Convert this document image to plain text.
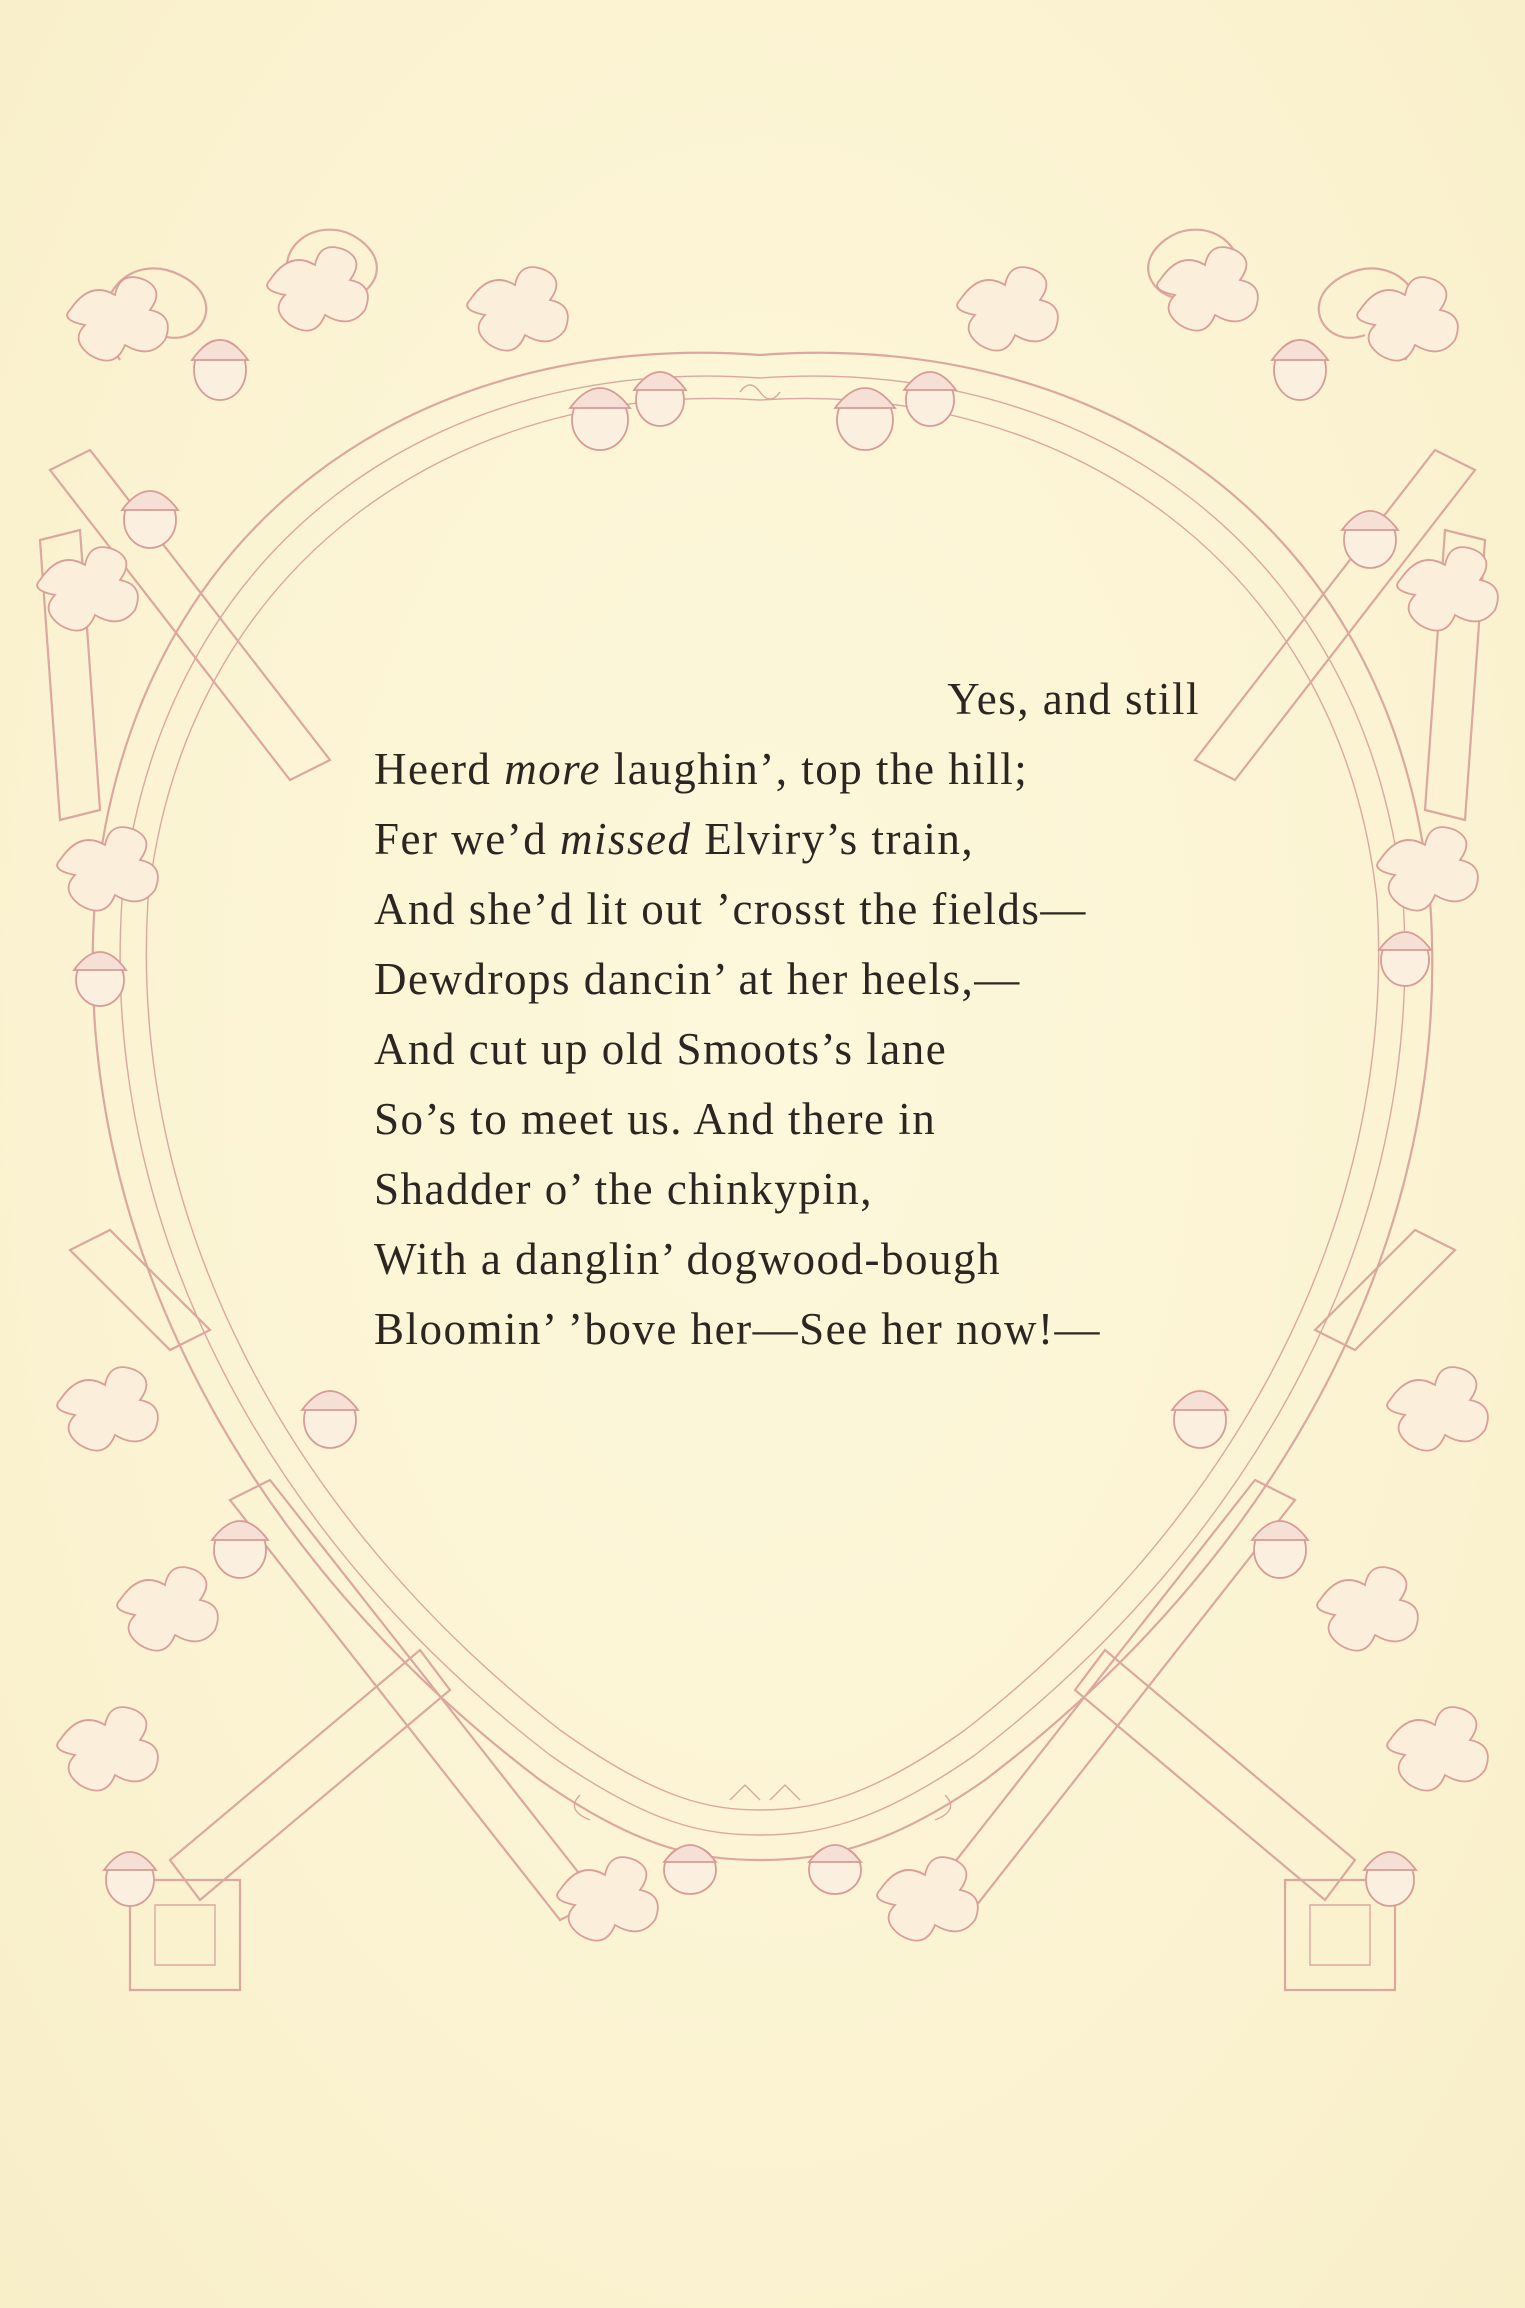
Yes, and still
Heerd more laughin’, top the hill;
Fer we’d missed Elviry’s train,
And she’d lit out ’crosst the fields—
Dewdrops dancin’ at her heels,—
And cut up old Smoots’s lane
So’s to meet us. And there in
Shadder o’ the chinkypin,
With a danglin’ dogwood-bough
Bloomin’ ’bove her—See her now!—
